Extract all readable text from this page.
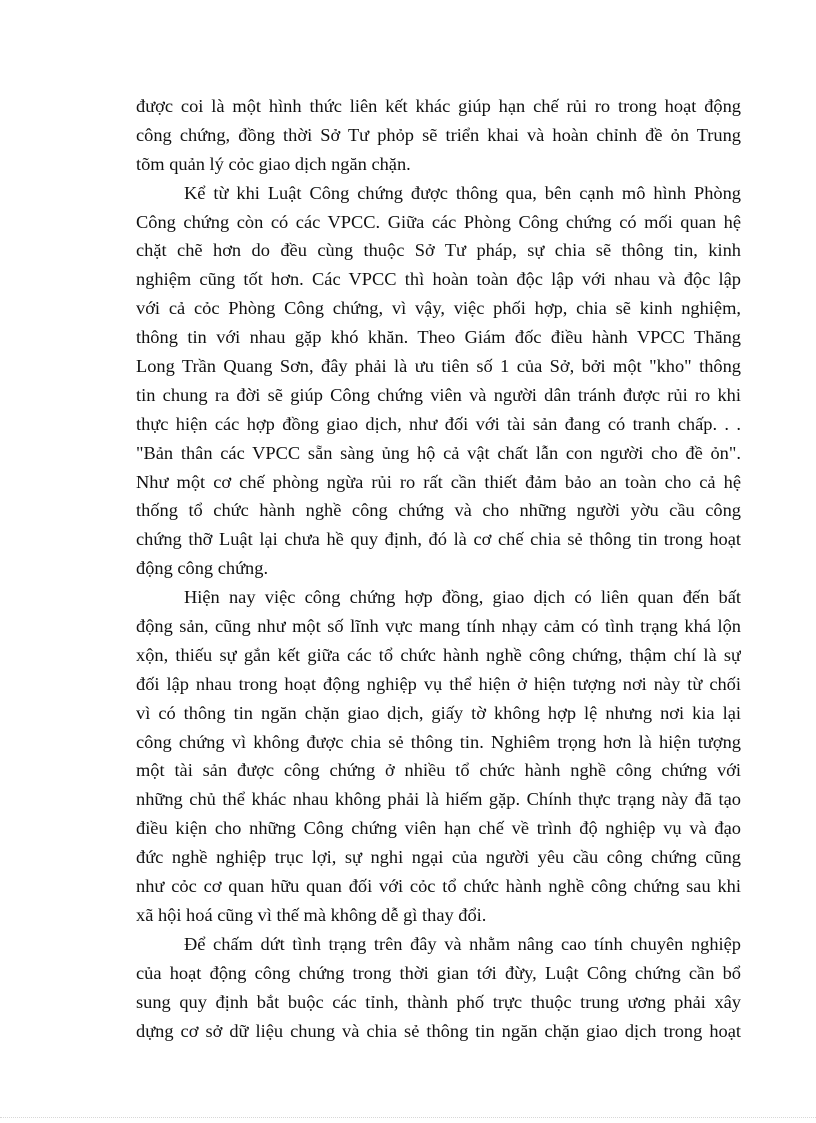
được coi là một hình thức liên kết khác giúp hạn chế rủi ro trong hoạt động
công chứng, đồng thời Sở Tư phỏp sẽ triển khai và hoàn chỉnh đề ỏn Trung
tõm quản lý cỏc giao dịch ngăn chặn.
Kể từ khi Luật Công chứng được thông qua, bên cạnh mô hình Phòng
Công chứng còn có các VPCC. Giữa các Phòng Công chứng có mối quan hệ
chặt chẽ hơn do đều cùng thuộc Sở Tư pháp, sự chia sẽ thông tin, kinh
nghiệm cũng tốt hơn. Các VPCC thì hoàn toàn độc lập với nhau và độc lập
với cả cỏc Phòng Công chứng, vì vậy, việc phối hợp, chia sẽ kinh nghiệm,
thông tin với nhau gặp khó khăn. Theo Giám đốc điều hành VPCC Thăng
Long Trần Quang Sơn, đây phải là ưu tiên số 1 của Sở, bởi một "kho" thông
tin chung ra đời sẽ giúp Công chứng viên và người dân tránh được rủi ro khi
thực hiện các hợp đồng giao dịch, như đối với tài sản đang có tranh chấp. . .
"Bản thân các VPCC sẵn sàng ủng hộ cả vật chất lẫn con người cho đề ỏn".
Như một cơ chế phòng ngừa rủi ro rất cần thiết đảm bảo an toàn cho cả hệ
thống tổ chức hành nghề công chứng và cho những người yờu cầu công
chứng thỡ Luật lại chưa hề quy định, đó là cơ chế chia sẻ thông tin trong hoạt
động công chứng.
Hiện nay việc công chứng hợp đồng, giao dịch có liên quan đến bất
động sản, cũng như một số lĩnh vực mang tính nhạy cảm có tình trạng khá lộn
xộn, thiếu sự gắn kết giữa các tổ chức hành nghề công chứng, thậm chí là sự
đối lập nhau trong hoạt động nghiệp vụ thể hiện ở hiện tượng nơi này từ chối
vì có thông tin ngăn chặn giao dịch, giấy tờ không hợp lệ nhưng nơi kia lại
công chứng vì không được chia sẻ thông tin. Nghiêm trọng hơn là hiện tượng
một tài sản được công chứng ở nhiều tổ chức hành nghề công chứng với
những chủ thể khác nhau không phải là hiếm gặp. Chính thực trạng này đã tạo
điều kiện cho những Công chứng viên hạn chế về trình độ nghiệp vụ và đạo
đức nghề nghiệp trục lợi, sự nghi ngại của người yêu cầu công chứng cũng
như cỏc cơ quan hữu quan đối với cỏc tổ chức hành nghề công chứng sau khi
xã hội hoá cũng vì thế mà không dễ gì thay đổi.
Để chấm dứt tình trạng trên đây và nhằm nâng cao tính chuyên nghiệp
của hoạt động công chứng trong thời gian tới đừy, Luật Công chứng cần bổ
sung quy định bắt buộc các tỉnh, thành phố trực thuộc trung ương phải xây
dựng cơ sở dữ liệu chung và chia sẻ thông tin ngăn chặn giao dịch trong hoạt
